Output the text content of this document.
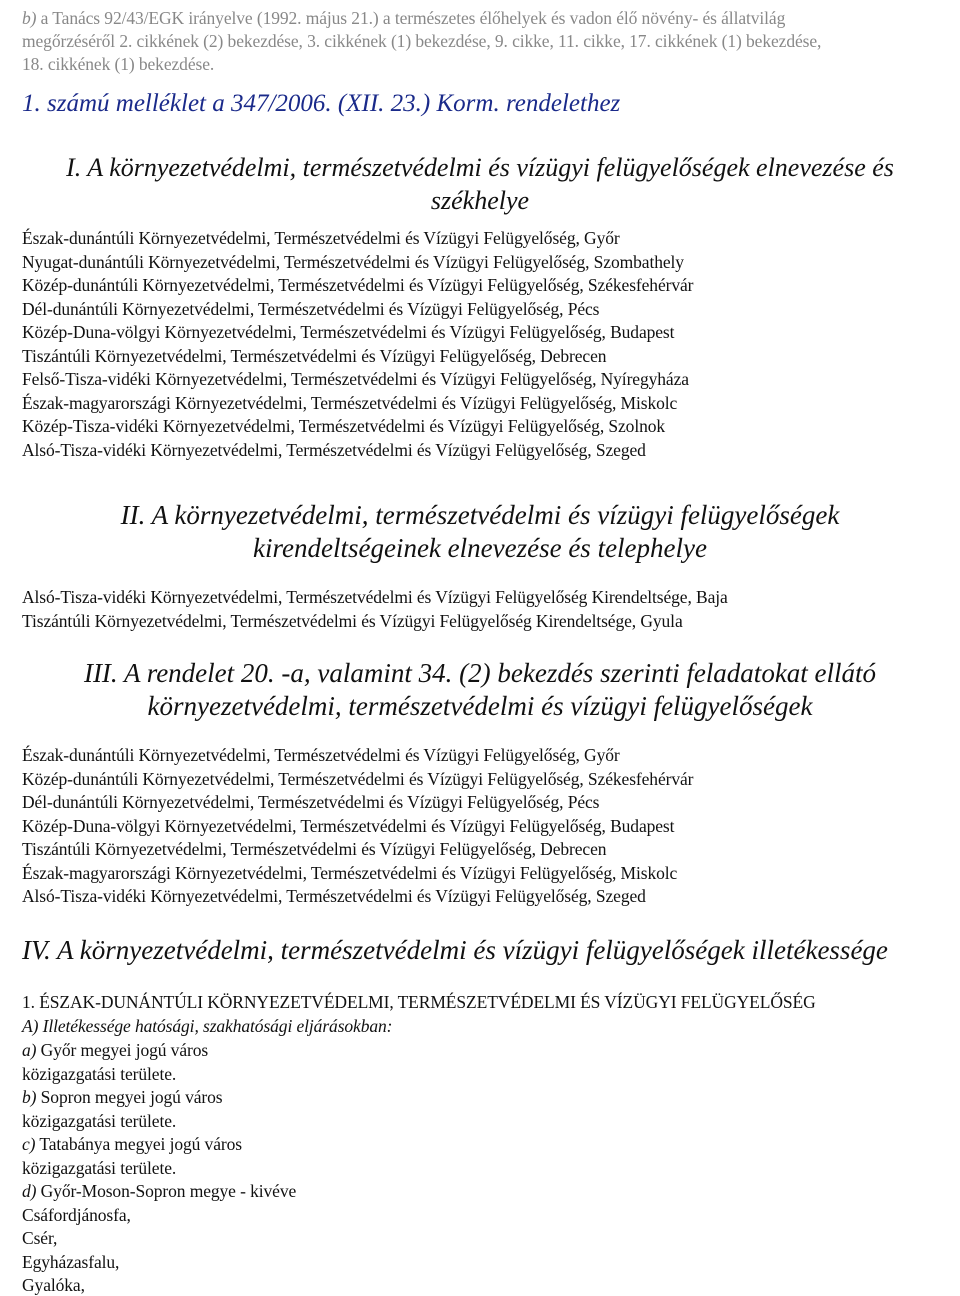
b) a Tanács 92/43/EGK irányelve (1992. május 21.) a természetes élőhelyek és vadon élő növény- és állatvilág
megőrzéséről 2. cikkének (2) bekezdése, 3. cikkének (1) bekezdése, 9. cikke, 11. cikke, 17. cikkének (1) bekezdése,
18. cikkének (1) bekezdése.
1. számú melléklet a 347/2006. (XII. 23.) Korm. rendelethez
I. A környezetvédelmi, természetvédelmi és vízügyi felügyelőségek elnevezése és
székhelye
Észak-dunántúli Környezetvédelmi, Természetvédelmi és Vízügyi Felügyelőség, Győr
Nyugat-dunántúli Környezetvédelmi, Természetvédelmi és Vízügyi Felügyelőség, Szombathely
Közép-dunántúli Környezetvédelmi, Természetvédelmi és Vízügyi Felügyelőség, Székesfehérvár
Dél-dunántúli Környezetvédelmi, Természetvédelmi és Vízügyi Felügyelőség, Pécs
Közép-Duna-völgyi Környezetvédelmi, Természetvédelmi és Vízügyi Felügyelőség, Budapest
Tiszántúli Környezetvédelmi, Természetvédelmi és Vízügyi Felügyelőség, Debrecen
Felső-Tisza-vidéki Környezetvédelmi, Természetvédelmi és Vízügyi Felügyelőség, Nyíregyháza
Észak-magyarországi Környezetvédelmi, Természetvédelmi és Vízügyi Felügyelőség, Miskolc
Közép-Tisza-vidéki Környezetvédelmi, Természetvédelmi és Vízügyi Felügyelőség, Szolnok
Alsó-Tisza-vidéki Környezetvédelmi, Természetvédelmi és Vízügyi Felügyelőség, Szeged
II. A környezetvédelmi, természetvédelmi és vízügyi felügyelőségek
kirendeltségeinek elnevezése és telephelye
Alsó-Tisza-vidéki Környezetvédelmi, Természetvédelmi és Vízügyi Felügyelőség Kirendeltsége, Baja
Tiszántúli Környezetvédelmi, Természetvédelmi és Vízügyi Felügyelőség Kirendeltsége, Gyula
III. A rendelet 20. -a, valamint 34. (2) bekezdés szerinti feladatokat ellátó
környezetvédelmi, természetvédelmi és vízügyi felügyelőségek
Észak-dunántúli Környezetvédelmi, Természetvédelmi és Vízügyi Felügyelőség, Győr
Közép-dunántúli Környezetvédelmi, Természetvédelmi és Vízügyi Felügyelőség, Székesfehérvár
Dél-dunántúli Környezetvédelmi, Természetvédelmi és Vízügyi Felügyelőség, Pécs
Közép-Duna-völgyi Környezetvédelmi, Természetvédelmi és Vízügyi Felügyelőség, Budapest
Tiszántúli Környezetvédelmi, Természetvédelmi és Vízügyi Felügyelőség, Debrecen
Észak-magyarországi Környezetvédelmi, Természetvédelmi és Vízügyi Felügyelőség, Miskolc
Alsó-Tisza-vidéki Környezetvédelmi, Természetvédelmi és Vízügyi Felügyelőség, Szeged
IV. A környezetvédelmi, természetvédelmi és vízügyi felügyelőségek illetékessége
1. ÉSZAK-DUNÁNTÚLI KÖRNYEZETVÉDELMI, TERMÉSZETVÉDELMI ÉS VÍZÜGYI FELÜGYELŐSÉG
A) Illetékessége hatósági, szakhatósági eljárásokban:
a) Győr megyei jogú város
közigazgatási területe.
b) Sopron megyei jogú város
közigazgatási területe.
c) Tatabánya megyei jogú város
közigazgatási területe.
d) Győr-Moson-Sopron megye - kivéve
Csáfordjánosfa,
Csér,
Egyházasfalu,
Gyalóka,
